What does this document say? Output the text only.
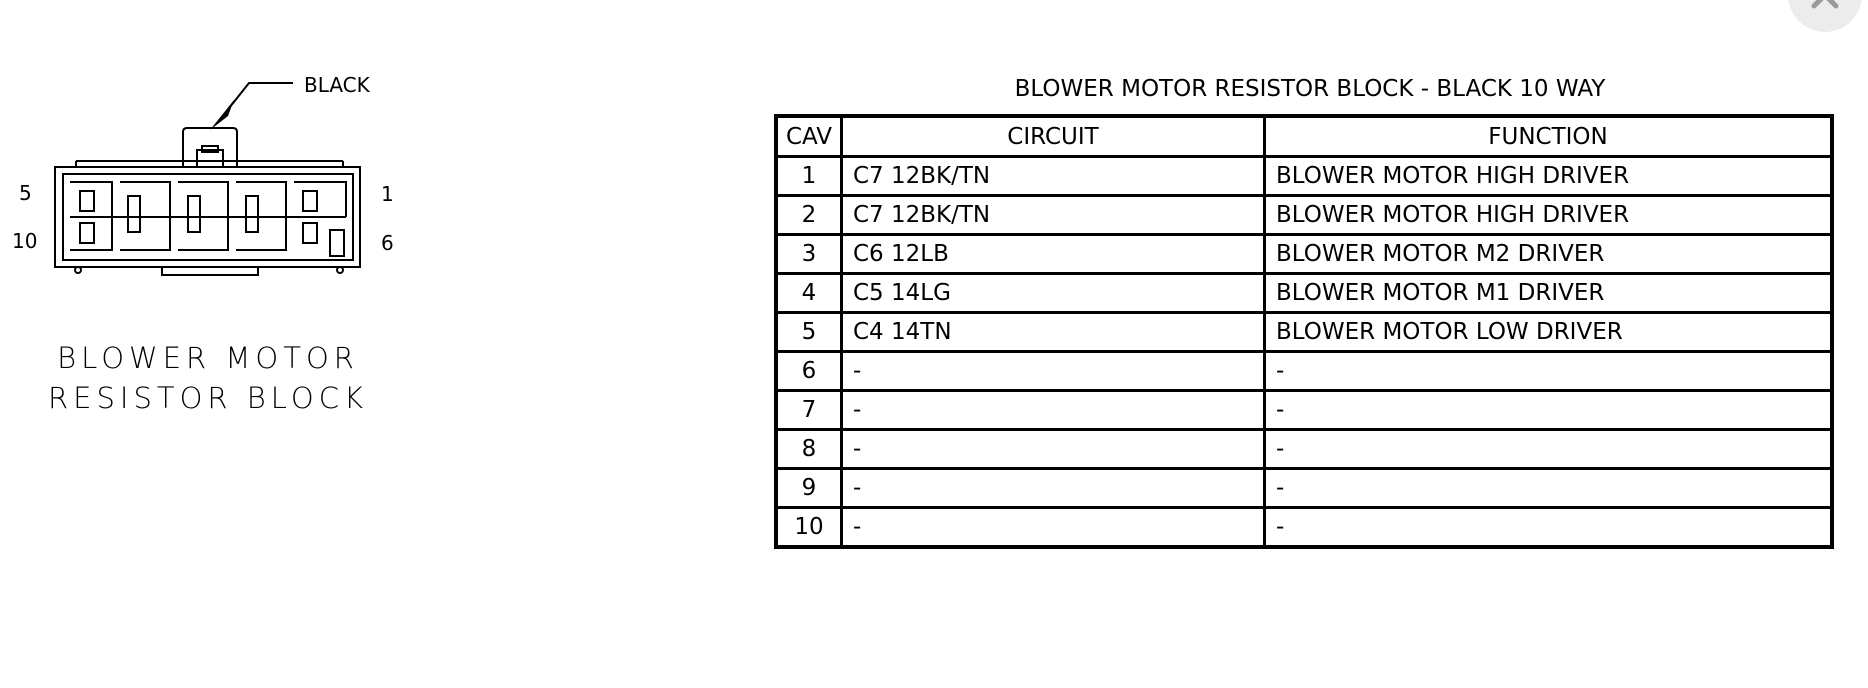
BLACK
5
10
1
6
BLOWER MOTOR
RESISTOR BLOCK
BLOWER MOTOR RESISTOR BLOCK - BLACK 10 WAY
CAV	CIRCUIT	FUNCTION
1	C7 12BK/TN	BLOWER MOTOR HIGH DRIVER
2	C7 12BK/TN	BLOWER MOTOR HIGH DRIVER
3	C6 12LB	BLOWER MOTOR M2 DRIVER
4	C5 14LG	BLOWER MOTOR M1 DRIVER
5	C4 14TN	BLOWER MOTOR LOW DRIVER
6	-	-
7	-	-
8	-	-
9	-	-
10	-	-
